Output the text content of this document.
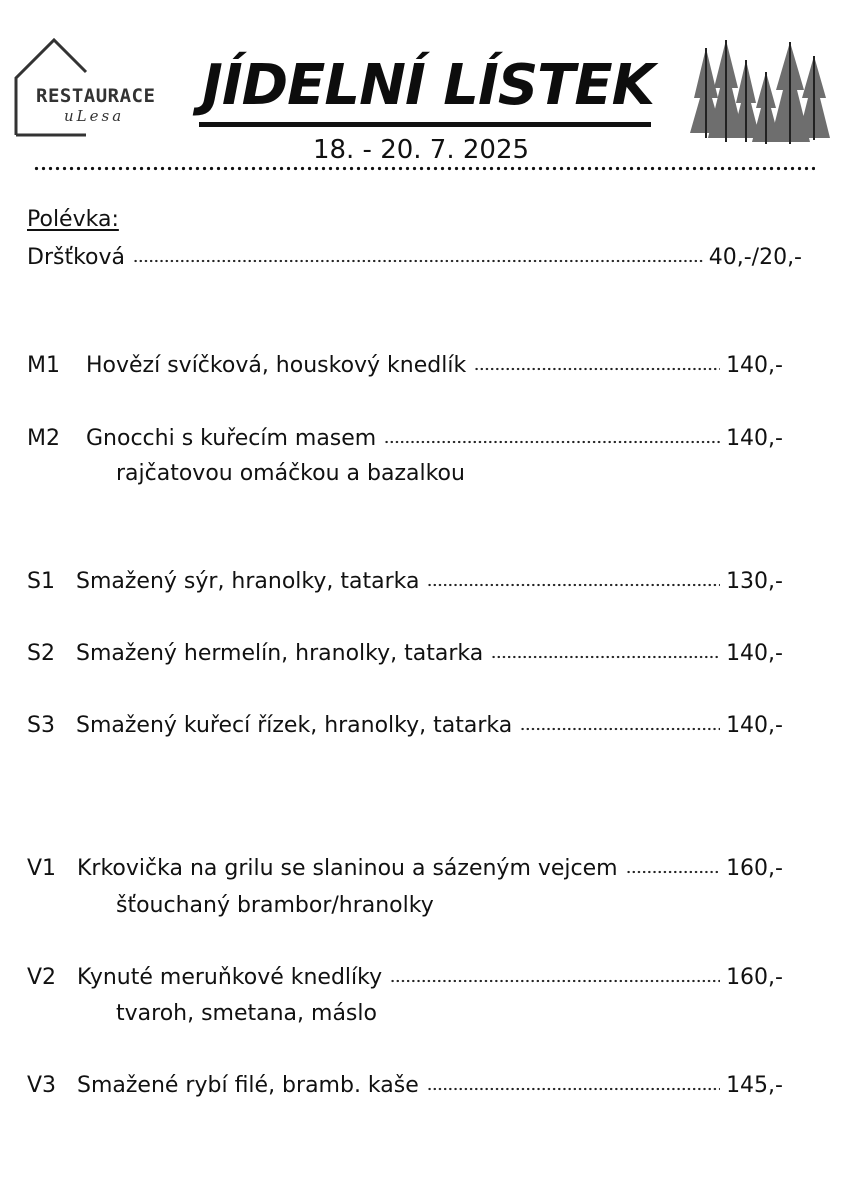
RESTAURACE
uLesa JÍDELNÍ LÍSTEK
18. - 20. 7. 2025
Polévka:
Dršťková	40,-/20,-
M1	Hovězí svíčková, houskový knedlík	140,-
M2	Gnocchi s kuřecím masem	140,-
rajčatovou omáčkou a bazalkou
S1 Smažený sýr, hranolky, tatarka	130,-
S2 Smažený hermelín, hranolky, tatarka	140,-
S3 Smažený kuřecí řízek, hranolky, tatarka	140,-
V1 Krkovička na grilu se slaninou a sázeným vejcem	160,-
šťouchaný brambor/hranolky
V2 Kynuté meruňkové knedlíky	160,-
tvaroh, smetana, máslo
V3 Smažené rybí filé, bramb. kaše	145,-
